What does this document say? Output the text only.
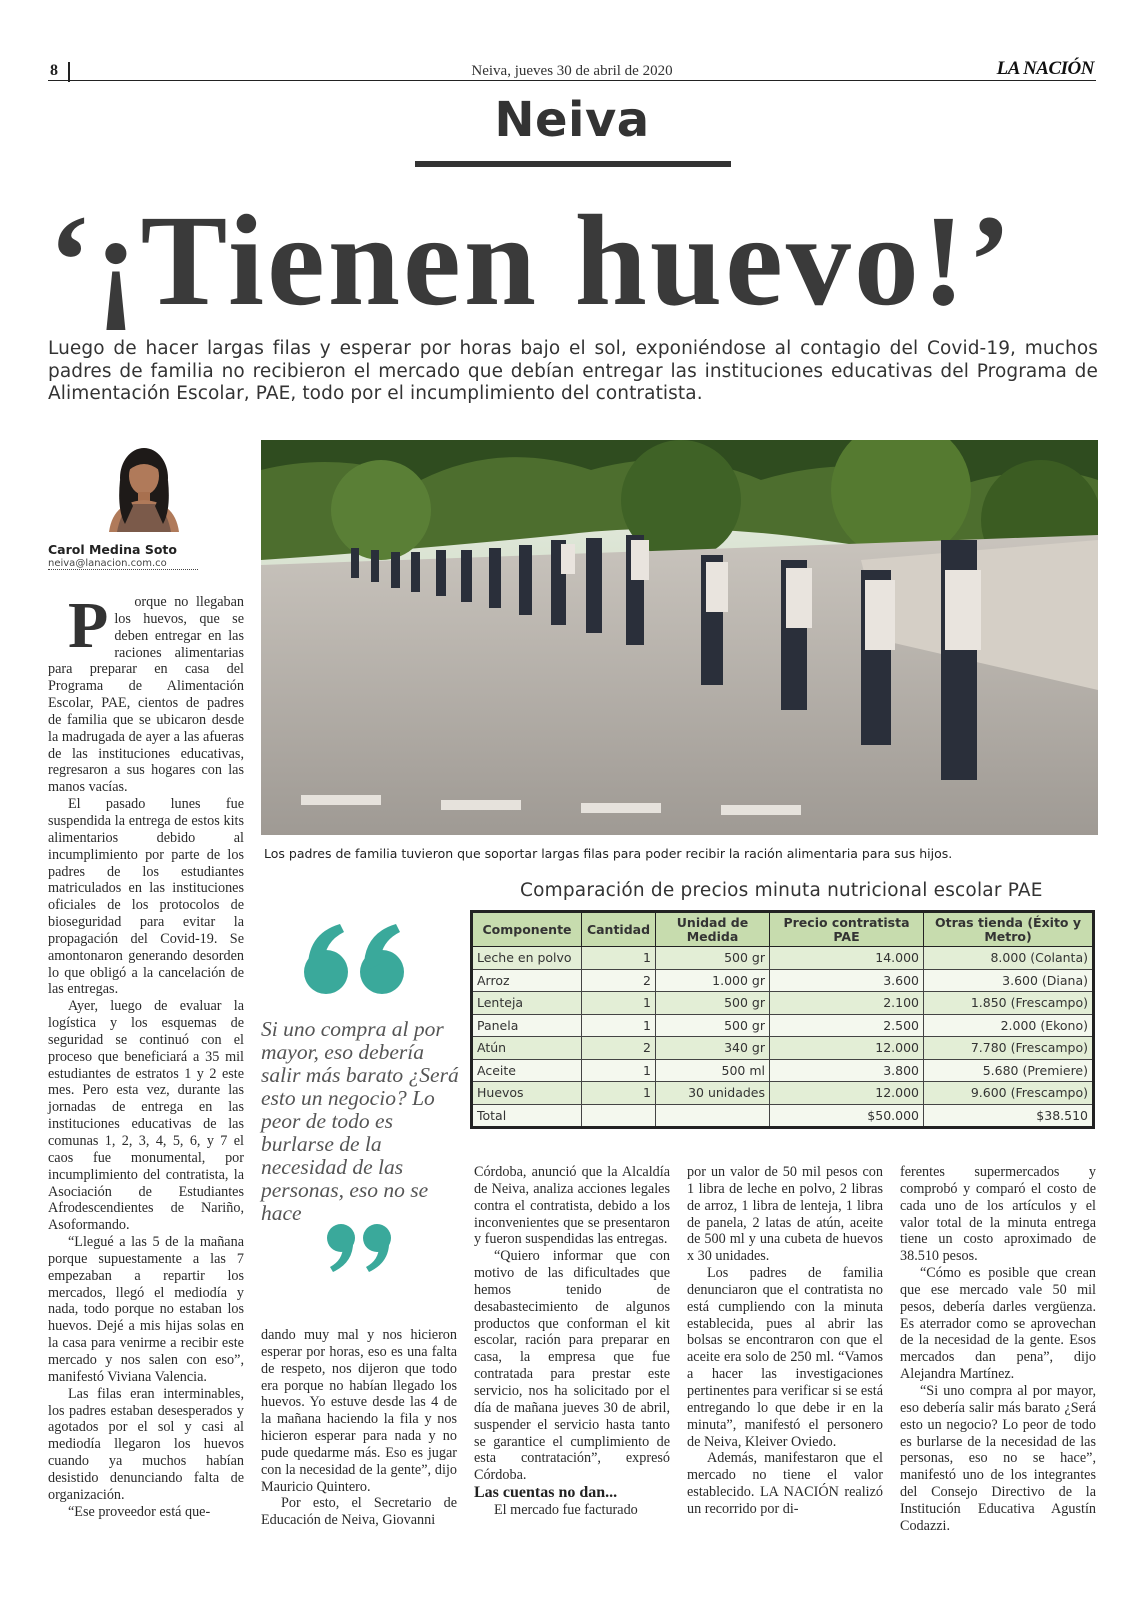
8	Neiva, jueves 30 de abril de 2020	LA NACIÓN
Neiva
‘¡Tienen huevo!’
Luego de hacer largas filas y esperar por horas bajo el sol, exponiéndose al contagio del Covid-19, muchos padres de familia no recibieron el mercado que debían entregar las instituciones educativas del Programa de Alimentación Escolar, PAE, todo por el incumplimiento del contratista.
Carol Medina Soto
neiva@lanacion.com.co
Los padres de familia tuvieron que soportar largas filas para poder recibir la ración alimentaria para sus hijos.

P orque no llegaban los huevos, que se deben entregar en las raciones alimentarias para preparar en casa del Programa de Alimentación Escolar, PAE, cientos de padres de familia que se ubicaron desde la madrugada de ayer a las afueras de las instituciones educativas, regresaron a sus hogares con las manos vacías.

El pasado lunes fue suspendida la entrega de estos kits alimentarios debido al incumplimiento por parte de los padres de los estudiantes matriculados en las instituciones oficiales de los protocolos de bioseguridad para evitar la propagación del Covid-19. Se amontonaron generando desorden lo que obligó a la cancelación de las entregas.

Ayer, luego de evaluar la logística y los esquemas de seguridad se continuó con el proceso que beneficiará a 35 mil estudiantes de estratos 1 y 2 este mes. Pero esta vez, durante las jornadas de entrega en las instituciones educativas de las comunas 1, 2, 3, 4, 5, 6, y 7 el caos fue monumental, por incumplimiento del contratista, la Asociación de Estudiantes Afrodescendientes de Nariño, Asoformando.

“Llegué a las 5 de la mañana porque supuestamente a las 7 empezaban a repartir los mercados, llegó el mediodía y nada, todo porque no estaban los huevos. Dejé a mis hijas solas en la casa para venirme a recibir este mercado y nos salen con eso”, manifestó Viviana Valencia.

Las filas eran interminables, los padres estaban desesperados y agotados por el sol y casi al mediodía llegaron los huevos cuando ya muchos habían desistido denunciando falta de organización.

“Ese proveedor está que-

Si uno compra al por mayor, eso debería salir más barato ¿Será esto un negocio? Lo peor de todo es burlarse de la necesidad de las personas, eso no se hace

dando muy mal y nos hicieron esperar por horas, eso es una falta de respeto, nos dijeron que todo era porque no habían llegado los huevos. Yo estuve desde las 4 de la mañana haciendo la fila y nos hicieron esperar para nada y no pude quedarme más. Eso es jugar con la necesidad de la gente”, dijo Mauricio Quintero.

Por esto, el Secretario de Educación de Neiva, Giovanni

Comparación de precios minuta nutricional escolar PAE
Componente	Cantidad	Unidad de Medida	Precio contratista PAE	Otras tienda (Éxito y Metro)
Leche en polvo	1	500 gr	14.000	8.000 (Colanta)
Arroz	2	1.000 gr	3.600	3.600 (Diana)
Lenteja	1	500 gr	2.100	1.850 (Frescampo)
Panela	1	500 gr	2.500	2.000 (Ekono)
Atún	2	340 gr	12.000	7.780 (Frescampo)
Aceite	1	500 ml	3.800	5.680 (Premiere)
Huevos	1	30 unidades	12.000	9.600 (Frescampo)
Total			$50.000	$38.510

Córdoba, anunció que la Alcaldía de Neiva, analiza acciones legales contra el contratista, debido a los inconvenientes que se presentaron y fueron suspendidas las entregas.

“Quiero informar que con motivo de las dificultades que hemos tenido de desabastecimiento de algunos productos que conforman el kit escolar, ración para preparar en casa, la empresa que fue contratada para prestar este servicio, nos ha solicitado por el día de mañana jueves 30 de abril, suspender el servicio hasta tanto se garantice el cumplimiento de esta contratación”, expresó Córdoba.

Las cuentas no dan...

El mercado fue facturado

por un valor de 50 mil pesos con 1 libra de leche en polvo, 2 libras de arroz, 1 libra de lenteja, 1 libra de panela, 2 latas de atún, aceite de 500 ml y una cubeta de huevos x 30 unidades.

Los padres de familia denunciaron que el contratista no está cumpliendo con la minuta establecida, pues al abrir las bolsas se encontraron con que el aceite era solo de 250 ml. “Vamos a hacer las investigaciones pertinentes para verificar si se está entregando lo que debe ir en la minuta”, manifestó el personero de Neiva, Kleiver Oviedo.

Además, manifestaron que el mercado no tiene el valor establecido. LA NACIÓN realizó un recorrido por di-

ferentes supermercados y comprobó y comparó el costo de cada uno de los artículos y el valor total de la minuta entrega tiene un costo aproximado de 38.510 pesos.

“Cómo es posible que crean que ese mercado vale 50 mil pesos, debería darles vergüenza. Es aterrador como se aprovechan de la necesidad de la gente. Esos mercados dan pena”, dijo Alejandra Martínez.

“Si uno compra al por mayor, eso debería salir más barato ¿Será esto un negocio? Lo peor de todo es burlarse de la necesidad de las personas, eso no se hace”, manifestó uno de los integrantes del Consejo Directivo de la Institución Educativa Agustín Codazzi.
